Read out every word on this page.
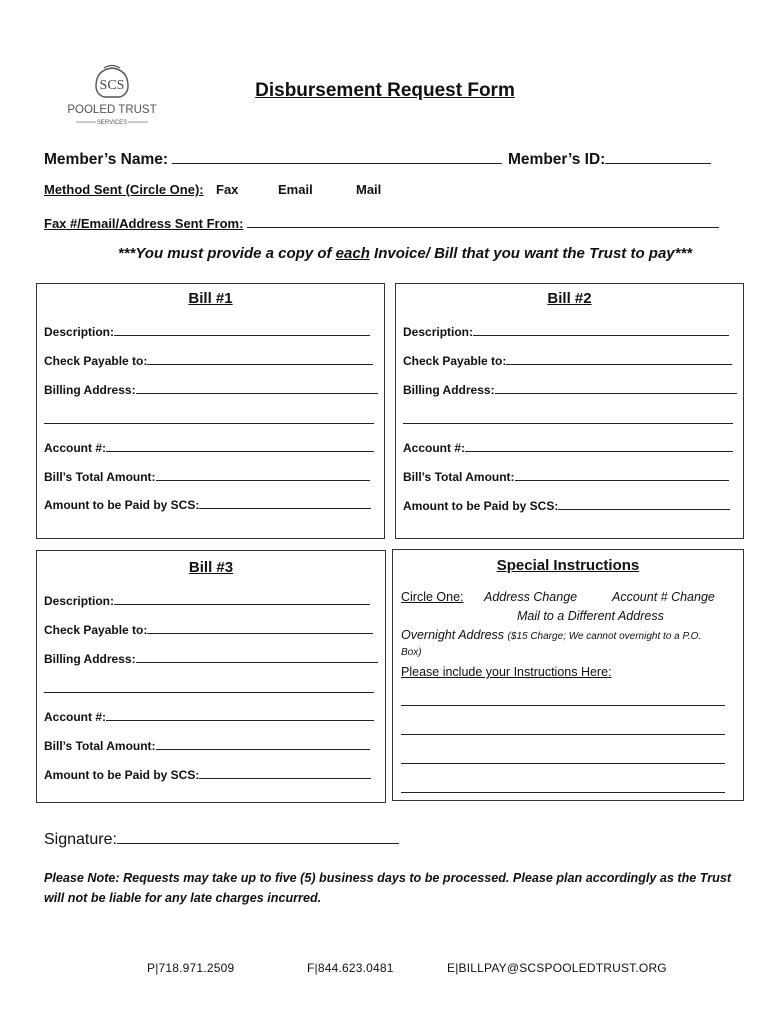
SCS
POOLED TRUST
SERVICES
Disbursement Request Form
Member’s Name:	Member’s ID:
Method Sent (Circle One): Fax	Email	Mail
Fax #/Email/Address Sent From:
***You must provide a copy of each Invoice/ Bill that you want the Trust to pay***
Bill #1
Description:
Check Payable to:
Billing Address:
Account #:
Bill’s Total Amount:
Amount to be Paid by SCS:
Bill #2
Description:
Check Payable to:
Billing Address:
Account #:
Bill’s Total Amount:
Amount to be Paid by SCS:
Bill #3
Description:
Check Payable to:
Billing Address:
Account #:
Bill’s Total Amount:
Amount to be Paid by SCS:
Special Instructions
Circle One: Address Change	Account # Change
Mail to a Different Address
Overnight Address ($15 Charge; We cannot overnight to a P.O.
Box)
Please include your Instructions Here:
Signature:
Please Note: Requests may take up to five (5) business days to be processed. Please plan accordingly as the Trust will not be liable for any late charges incurred.
P|718.971.2509	F|844.623.0481	E|BILLPAY@SCSPOOLEDTRUST.ORG
